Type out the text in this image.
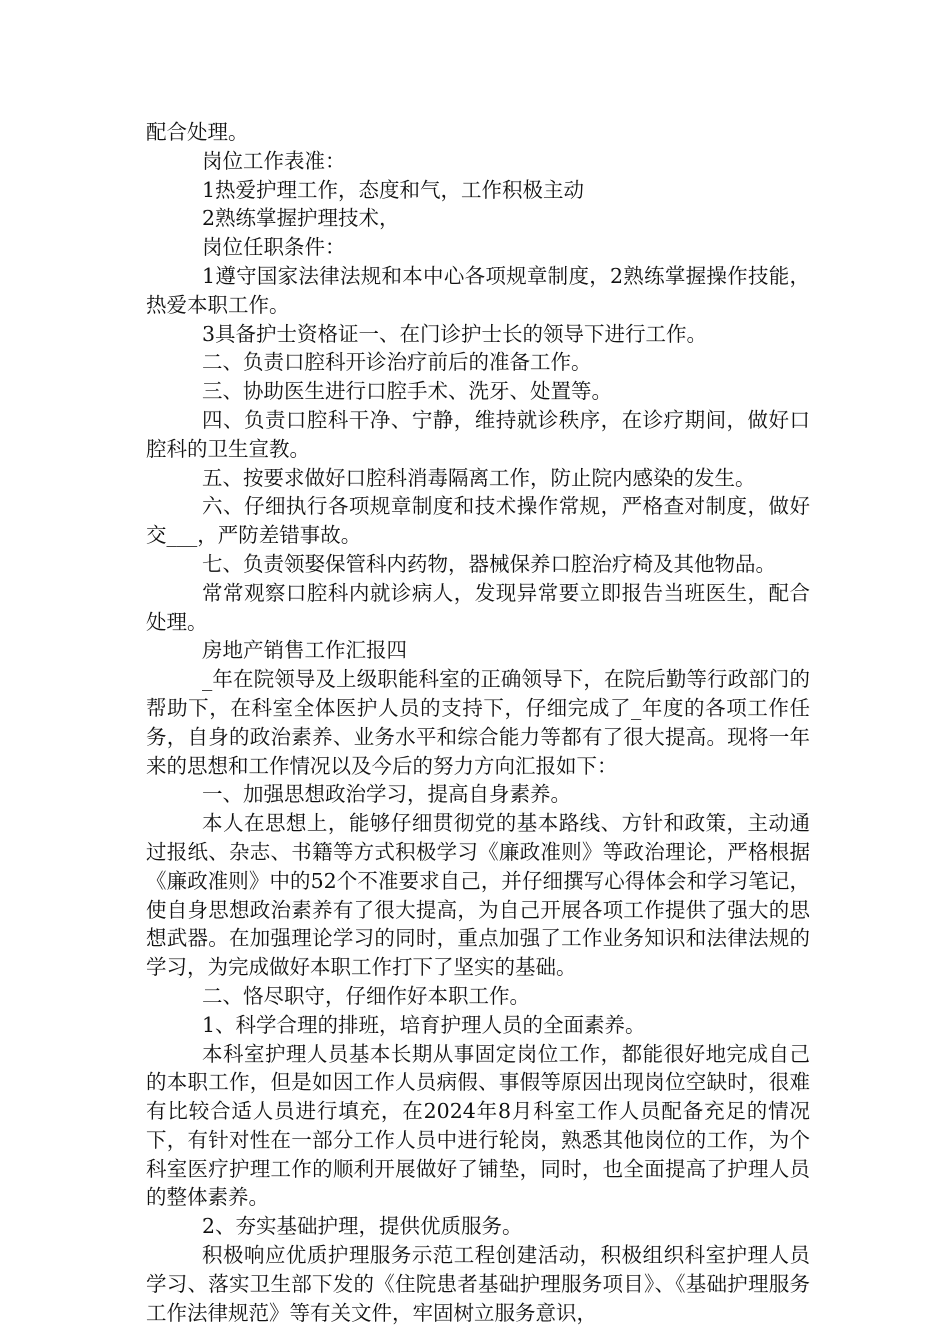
配合处理。

岗位工作表准：

1热爱护理工作，态度和气，工作积极主动

2熟练掌握护理技术，

岗位任职条件：

1遵守国家法律法规和本中心各项规章制度，2熟练掌握操作技能，热爱本职工作。

3具备护士资格证一、在门诊护士长的领导下进行工作。

二、负责口腔科开诊治疗前后的准备工作。

三、协助医生进行口腔手术、洗牙、处置等。

四、负责口腔科干净、宁静，维持就诊秩序，在诊疗期间，做好口腔科的卫生宣教。

五、按要求做好口腔科消毒隔离工作，防止院内感染的发生。

六、仔细执行各项规章制度和技术操作常规，严格查对制度，做好交___，严防差错事故。

七、负责领娶保管科内药物，器械保养口腔治疗椅及其他物品。

常常观察口腔科内就诊病人，发现异常要立即报告当班医生，配合处理。

房地产销售工作汇报四

_年在院领导及上级职能科室的正确领导下，在院后勤等行政部门的帮助下，在科室全体医护人员的支持下，仔细完成了_年度的各项工作任务，自身的政治素养、业务水平和综合能力等都有了很大提高。现将一年来的思想和工作情况以及今后的努力方向汇报如下：

一、加强思想政治学习，提高自身素养。

本人在思想上，能够仔细贯彻党的基本路线、方针和政策，主动通过报纸、杂志、书籍等方式积极学习《廉政准则》等政治理论，严格根据《廉政准则》中的52个不准要求自己，并仔细撰写心得体会和学习笔记，使自身思想政治素养有了很大提高，为自己开展各项工作提供了强大的思想武器。在加强理论学习的同时，重点加强了工作业务知识和法律法规的学习，为完成做好本职工作打下了坚实的基础。

二、恪尽职守，仔细作好本职工作。

1、科学合理的排班，培育护理人员的全面素养。

本科室护理人员基本长期从事固定岗位工作，都能很好地完成自己的本职工作，但是如因工作人员病假、事假等原因出现岗位空缺时，很难有比较合适人员进行填充，在2024年8月科室工作人员配备充足的情况下，有针对性在一部分工作人员中进行轮岗，熟悉其他岗位的工作，为个科室医疗护理工作的顺利开展做好了铺垫，同时，也全面提高了护理人员的整体素养。

2、夯实基础护理，提供优质服务。

积极响应优质护理服务示范工程创建活动，积极组织科室护理人员学习、落实卫生部下发的《住院患者基础护理服务项目》、《基础护理服务工作法律规范》等有关文件，牢固树立服务意识，
